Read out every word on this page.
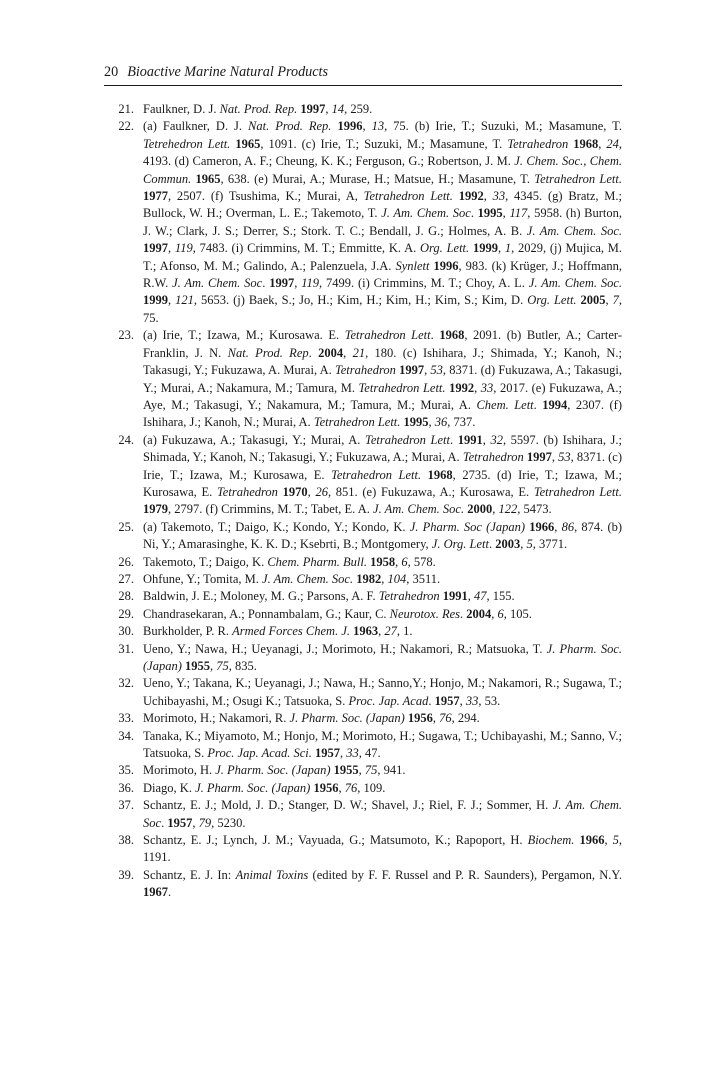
20 Bioactive Marine Natural Products
21. Faulkner, D. J. Nat. Prod. Rep. 1997, 14, 259.
22. (a) Faulkner, D. J. Nat. Prod. Rep. 1996, 13, 75. (b) Irie, T.; Suzuki, M.; Masamune, T. Tetrehedron Lett. 1965, 1091. (c) Irie, T.; Suzuki, M.; Masamune, T. Tetrahedron 1968, 24, 4193. (d) Cameron, A. F.; Cheung, K. K.; Ferguson, G.; Robertson, J. M. J. Chem. Soc., Chem. Commun. 1965, 638. (e) Murai, A.; Murase, H.; Matsue, H.; Masamune, T. Tetrahedron Lett. 1977, 2507. (f) Tsushima, K.; Murai, A, Tetrahedron Lett. 1992, 33, 4345. (g) Bratz, M.; Bullock, W. H.; Overman, L. E.; Takemoto, T. J. Am. Chem. Soc. 1995, 117, 5958. (h) Burton, J. W.; Clark, J. S.; Derrer, S.; Stork. T. C.; Bendall, J. G.; Holmes, A. B. J. Am. Chem. Soc. 1997, 119, 7483. (i) Crimmins, M. T.; Emmitte, K. A. Org. Lett. 1999, 1, 2029, (j) Mujica, M. T.; Afonso, M. M.; Galindo, A.; Palenzuela, J.A. Synlett 1996, 983. (k) Krüger, J.; Hoffmann, R.W. J. Am. Chem. Soc. 1997, 119, 7499. (i) Crimmins, M. T.; Choy, A. L. J. Am. Chem. Soc. 1999, 121, 5653. (j) Baek, S.; Jo, H.; Kim, H.; Kim, H.; Kim, S.; Kim, D. Org. Lett. 2005, 7, 75.
23. (a) Irie, T.; Izawa, M.; Kurosawa. E. Tetrahedron Lett. 1968, 2091. (b) Butler, A.; Carter-Franklin, J. N. Nat. Prod. Rep. 2004, 21, 180. (c) Ishihara, J.; Shimada, Y.; Kanoh, N.; Takasugi, Y.; Fukuzawa, A. Murai, A. Tetrahedron 1997, 53, 8371. (d) Fukuzawa, A.; Takasugi, Y.; Murai, A.; Nakamura, M.; Tamura, M. Tetrahedron Lett. 1992, 33, 2017. (e) Fukuzawa, A.; Aye, M.; Takasugi, Y.; Nakamura, M.; Tamura, M.; Murai, A. Chem. Lett. 1994, 2307. (f) Ishihara, J.; Kanoh, N.; Murai, A. Tetrahedron Lett. 1995, 36, 737.
24. (a) Fukuzawa, A.; Takasugi, Y.; Murai, A. Tetrahedron Lett. 1991, 32, 5597. (b) Ishihara, J.; Shimada, Y.; Kanoh, N.; Takasugi, Y.; Fukuzawa, A.; Murai, A. Tetrahedron 1997, 53, 8371. (c) Irie, T.; Izawa, M.; Kurosawa, E. Tetrahedron Lett. 1968, 2735. (d) Irie, T.; Izawa, M.; Kurosawa, E. Tetrahedron 1970, 26, 851. (e) Fukuzawa, A.; Kurosawa, E. Tetrahedron Lett. 1979, 2797. (f) Crimmins, M. T.; Tabet, E. A. J. Am. Chem. Soc. 2000, 122, 5473.
25. (a) Takemoto, T.; Daigo, K.; Kondo, Y.; Kondo, K. J. Pharm. Soc (Japan) 1966, 86, 874. (b) Ni, Y.; Amarasinghe, K. K. D.; Ksebrti, B.; Montgomery, J. Org. Lett. 2003, 5, 3771.
26. Takemoto, T.; Daigo, K. Chem. Pharm. Bull. 1958, 6, 578.
27. Ohfune, Y.; Tomita, M. J. Am. Chem. Soc. 1982, 104, 3511.
28. Baldwin, J. E.; Moloney, M. G.; Parsons, A. F. Tetrahedron 1991, 47, 155.
29. Chandrasekaran, A.; Ponnambalam, G.; Kaur, C. Neurotox. Res. 2004, 6, 105.
30. Burkholder, P. R. Armed Forces Chem. J. 1963, 27, 1.
31. Ueno, Y.; Nawa, H.; Ueyanagi, J.; Morimoto, H.; Nakamori, R.; Matsuoka, T. J. Pharm. Soc. (Japan) 1955, 75, 835.
32. Ueno, Y.; Takana, K.; Ueyanagi, J.; Nawa, H.; Sanno,Y.; Honjo, M.; Nakamori, R.; Sugawa, T.; Uchibayashi, M.; Osugi K.; Tatsuoka, S. Proc. Jap. Acad. 1957, 33, 53.
33. Morimoto, H.; Nakamori, R. J. Pharm. Soc. (Japan) 1956, 76, 294.
34. Tanaka, K.; Miyamoto, M.; Honjo, M.; Morimoto, H.; Sugawa, T.; Uchibayashi, M.; Sanno, V.; Tatsuoka, S. Proc. Jap. Acad. Sci. 1957, 33, 47.
35. Morimoto, H. J. Pharm. Soc. (Japan) 1955, 75, 941.
36. Diago, K. J. Pharm. Soc. (Japan) 1956, 76, 109.
37. Schantz, E. J.; Mold, J. D.; Stanger, D. W.; Shavel, J.; Riel, F. J.; Sommer, H. J. Am. Chem. Soc. 1957, 79, 5230.
38. Schantz, E. J.; Lynch, J. M.; Vayuada, G.; Matsumoto, K.; Rapoport, H. Biochem. 1966, 5, 1191.
39. Schantz, E. J. In: Animal Toxins (edited by F. F. Russel and P. R. Saunders), Pergamon, N.Y. 1967.
